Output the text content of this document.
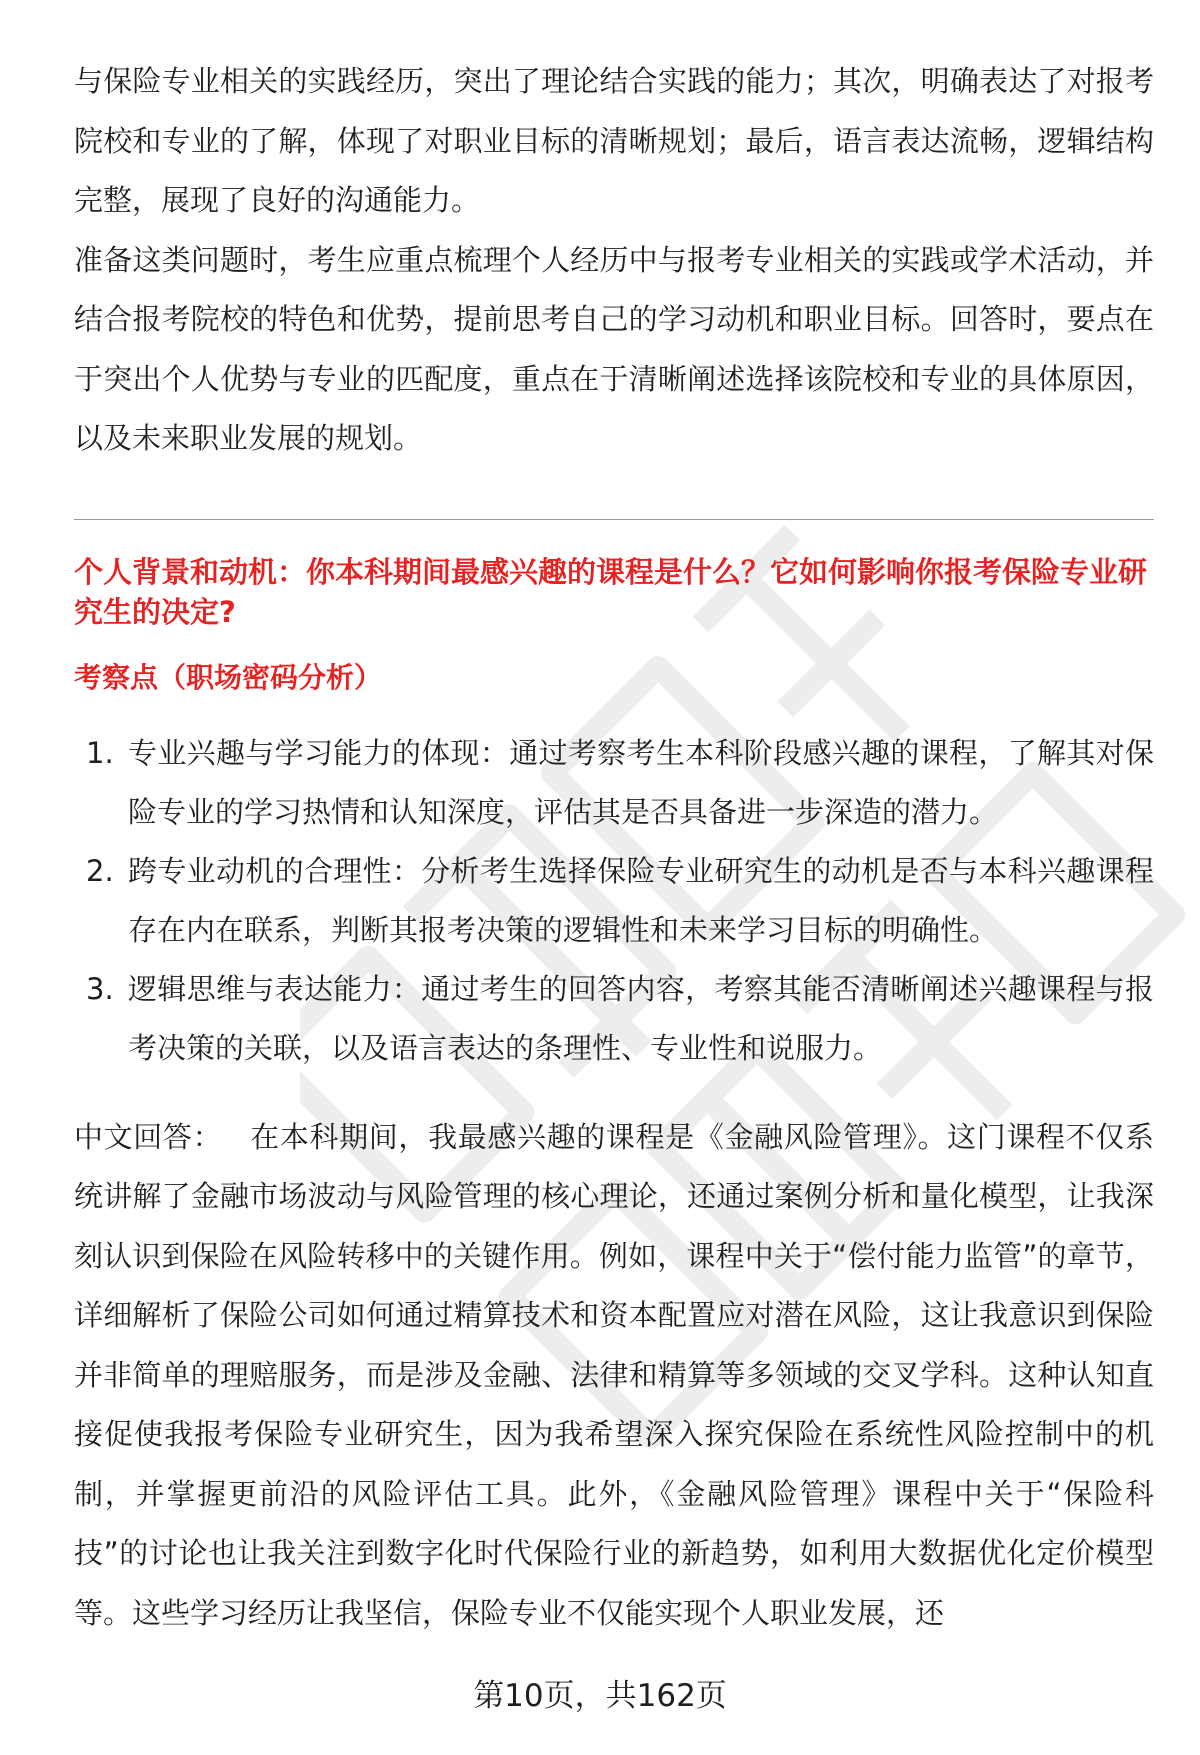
与保险专业相关的实践经历，突出了理论结合实践的能力；其次，明确表达了对报考院校和专业的了解，体现了对职业目标的清晰规划；最后，语言表达流畅，逻辑结构完整，展现了良好的沟通能力。

准备这类问题时，考生应重点梳理个人经历中与报考专业相关的实践或学术活动，并结合报考院校的特色和优势，提前思考自己的学习动机和职业目标。回答时，要点在于突出个人优势与专业的匹配度，重点在于清晰阐述选择该院校和专业的具体原因，以及未来职业发展的规划。

个人背景和动机：你本科期间最感兴趣的课程是什么？它如何影响你报考保险专业研究生的决定?

考察点（职场密码分析）

1. 专业兴趣与学习能力的体现：通过考察考生本科阶段感兴趣的课程，了解其对保险专业的学习热情和认知深度，评估其是否具备进一步深造的潜力。
2. 跨专业动机的合理性：分析考生选择保险专业研究生的动机是否与本科兴趣课程存在内在联系，判断其报考决策的逻辑性和未来学习目标的明确性。
3. 逻辑思维与表达能力：通过考生的回答内容，考察其能否清晰阐述兴趣课程与报考决策的关联，以及语言表达的条理性、专业性和说服力。

中文回答： 在本科期间，我最感兴趣的课程是《金融风险管理》。这门课程不仅系统讲解了金融市场波动与风险管理的核心理论，还通过案例分析和量化模型，让我深刻认识到保险在风险转移中的关键作用。例如，课程中关于“偿付能力监管”的章节，详细解析了保险公司如何通过精算技术和资本配置应对潜在风险，这让我意识到保险并非简单的理赔服务，而是涉及金融、法律和精算等多领域的交叉学科。这种认知直接促使我报考保险专业研究生，因为我希望深入探究保险在系统性风险控制中的机制，并掌握更前沿的风险评估工具。此外，《金融风险管理》课程中关于“保险科技”的讨论也让我关注到数字化时代保险行业的新趋势，如利用大数据优化定价模型等。这些学习经历让我坚信，保险专业不仅能实现个人职业发展，还

第10页，共162页
